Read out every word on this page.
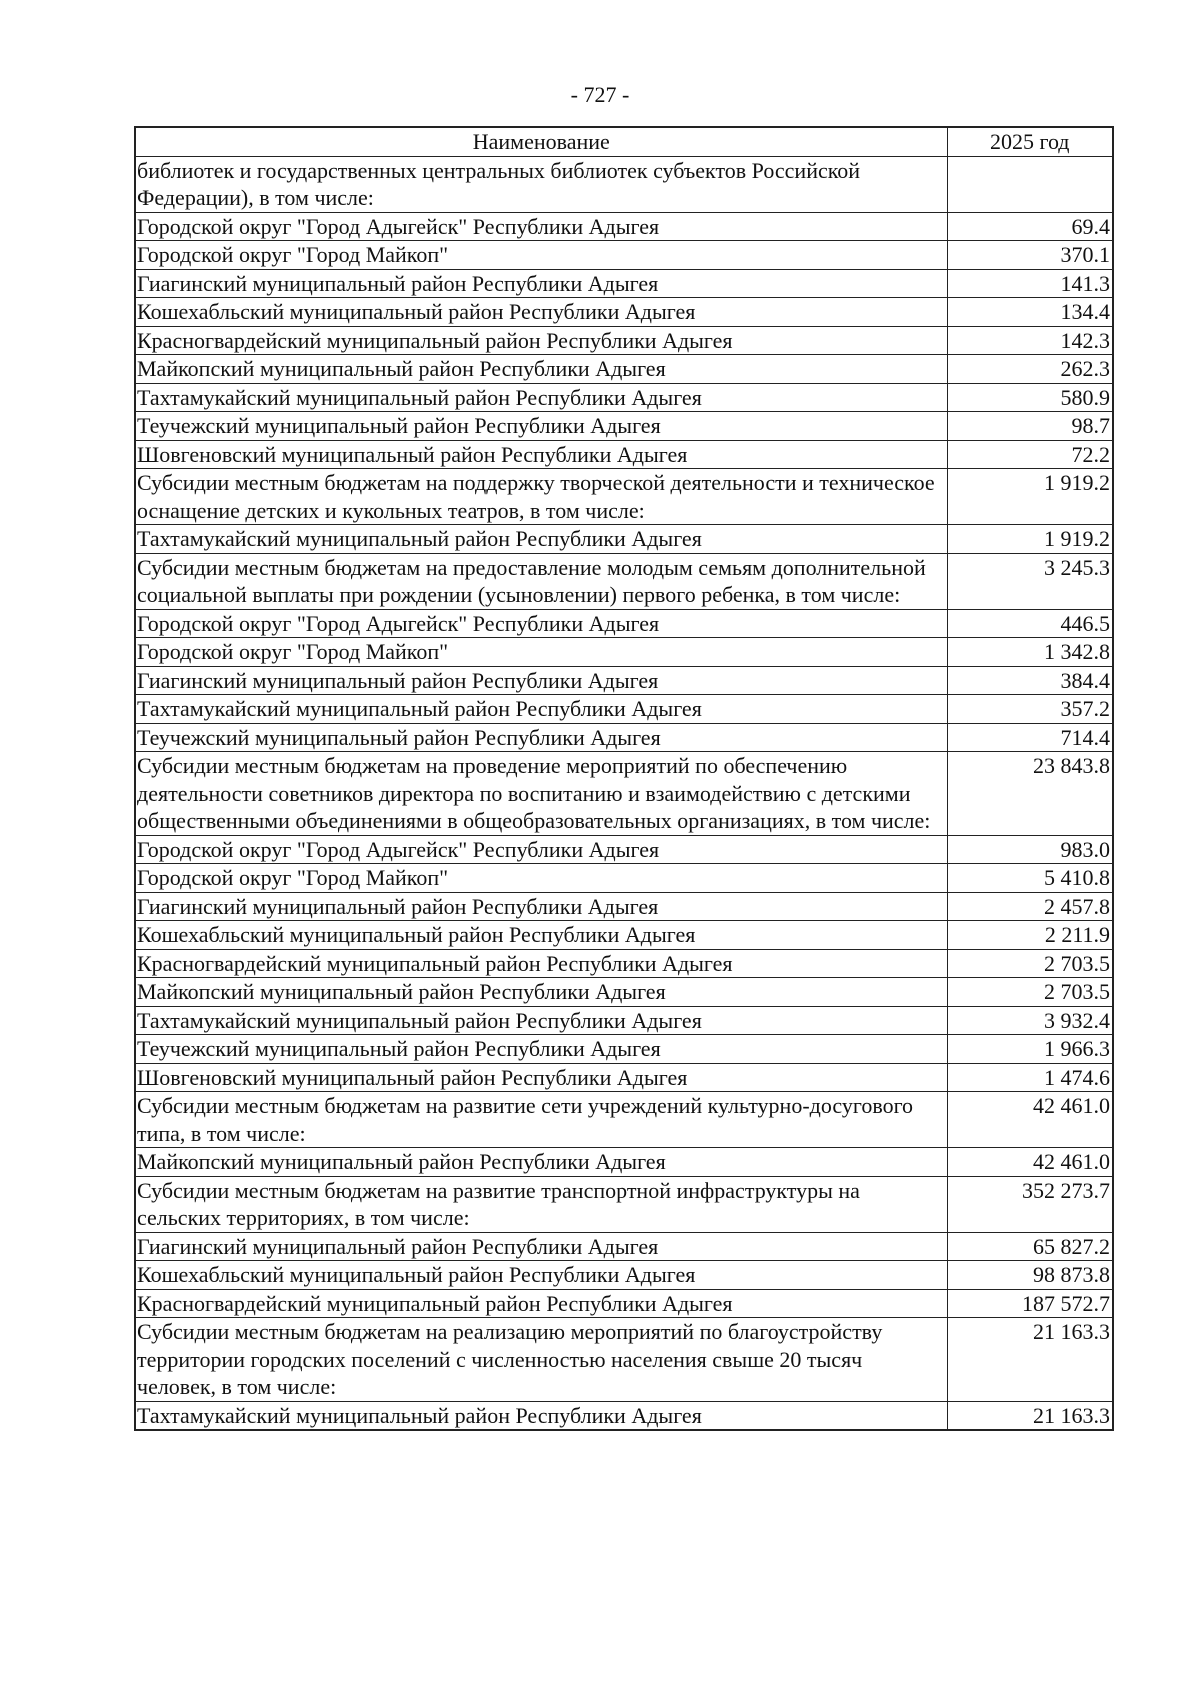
- 727 -
Наименование	2025 год
библиотек и государственных центральных библиотек субъектов Российской Федерации), в том числе:	
Городской округ "Город Адыгейск" Республики Адыгея	69.4
Городской округ "Город Майкоп"	370.1
Гиагинский муниципальный район Республики Адыгея	141.3
Кошехабльский муниципальный район Республики Адыгея	134.4
Красногвардейский муниципальный район Республики Адыгея	142.3
Майкопский муниципальный район Республики Адыгея	262.3
Тахтамукайский муниципальный район Республики Адыгея	580.9
Теучежский муниципальный район Республики Адыгея	98.7
Шовгеновский муниципальный район Республики Адыгея	72.2
Субсидии местным бюджетам на поддержку творческой деятельности и техническое оснащение детских и кукольных театров, в том числе:	1 919.2
Тахтамукайский муниципальный район Республики Адыгея	1 919.2
Субсидии местным бюджетам на предоставление молодым семьям дополнительной социальной выплаты при рождении (усыновлении) первого ребенка, в том числе:	3 245.3
Городской округ "Город Адыгейск" Республики Адыгея	446.5
Городской округ "Город Майкоп"	1 342.8
Гиагинский муниципальный район Республики Адыгея	384.4
Тахтамукайский муниципальный район Республики Адыгея	357.2
Теучежский муниципальный район Республики Адыгея	714.4
Субсидии местным бюджетам на проведение мероприятий по обеспечению деятельности советников директора по воспитанию и взаимодействию с детскими общественными объединениями в общеобразовательных организациях, в том числе:	23 843.8
Городской округ "Город Адыгейск" Республики Адыгея	983.0
Городской округ "Город Майкоп"	5 410.8
Гиагинский муниципальный район Республики Адыгея	2 457.8
Кошехабльский муниципальный район Республики Адыгея	2 211.9
Красногвардейский муниципальный район Республики Адыгея	2 703.5
Майкопский муниципальный район Республики Адыгея	2 703.5
Тахтамукайский муниципальный район Республики Адыгея	3 932.4
Теучежский муниципальный район Республики Адыгея	1 966.3
Шовгеновский муниципальный район Республики Адыгея	1 474.6
Субсидии местным бюджетам на развитие сети учреждений культурно-досугового типа, в том числе:	42 461.0
Майкопский муниципальный район Республики Адыгея	42 461.0
Субсидии местным бюджетам на развитие транспортной инфраструктуры на сельских территориях, в том числе:	352 273.7
Гиагинский муниципальный район Республики Адыгея	65 827.2
Кошехабльский муниципальный район Республики Адыгея	98 873.8
Красногвардейский муниципальный район Республики Адыгея	187 572.7
Субсидии местным бюджетам на реализацию мероприятий по благоустройству территории городских поселений с численностью населения свыше 20 тысяч человек, в том числе:	21 163.3
Тахтамукайский муниципальный район Республики Адыгея	21 163.3
